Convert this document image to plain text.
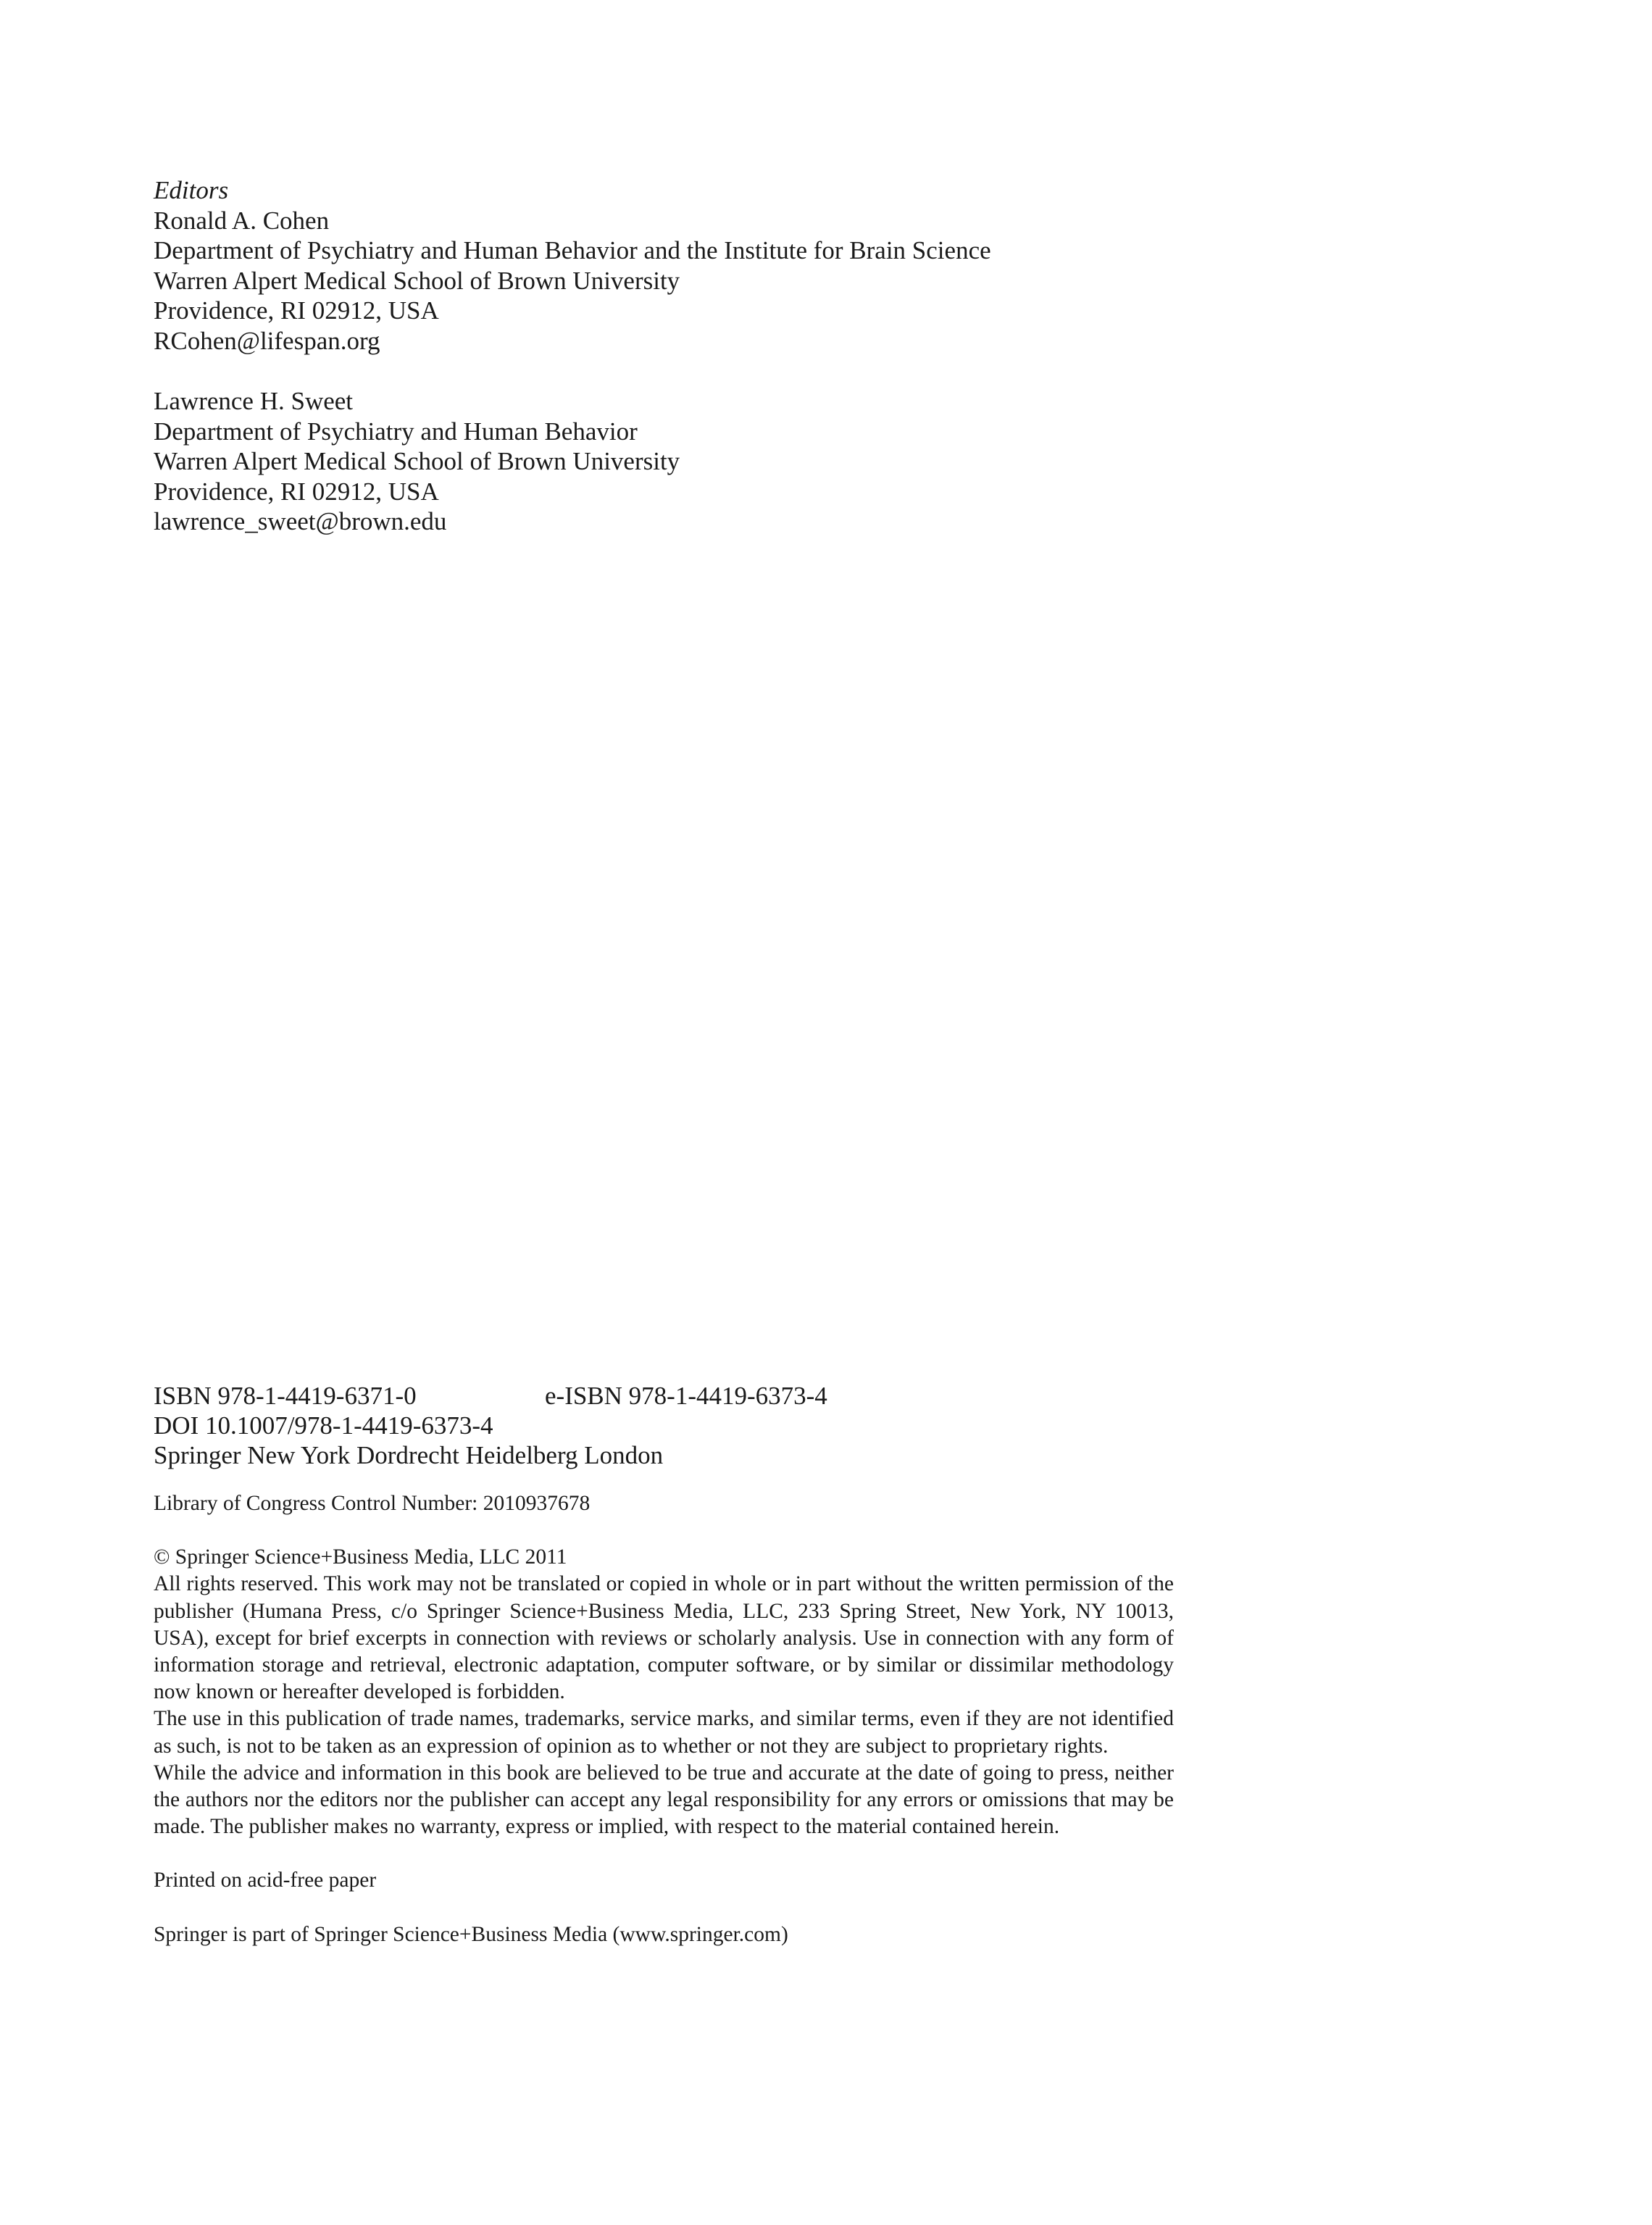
Editors
Ronald A. Cohen
Department of Psychiatry and Human Behavior and the Institute for Brain Science
Warren Alpert Medical School of Brown University
Providence, RI 02912, USA
RCohen@lifespan.org
Lawrence H. Sweet
Department of Psychiatry and Human Behavior
Warren Alpert Medical School of Brown University
Providence, RI 02912, USA
lawrence_sweet@brown.edu
ISBN 978-1-4419-6371-0	e-ISBN 978-1-4419-6373-4
DOI 10.1007/978-1-4419-6373-4
Springer New York Dordrecht Heidelberg London
Library of Congress Control Number: 2010937678
© Springer Science+Business Media, LLC 2011
All rights reserved. This work may not be translated or copied in whole or in part without the written permission of the publisher (Humana Press, c/o Springer Science+Business Media, LLC, 233 Spring Street, New York, NY 10013, USA), except for brief excerpts in connection with reviews or scholarly analysis. Use in connection with any form of information storage and retrieval, electronic adaptation, computer software, or by similar or dissimilar methodology now known or hereafter developed is forbidden.
The use in this publication of trade names, trademarks, service marks, and similar terms, even if they are not identified as such, is not to be taken as an expression of opinion as to whether or not they are subject to proprietary rights.
While the advice and information in this book are believed to be true and accurate at the date of going to press, neither the authors nor the editors nor the publisher can accept any legal responsibility for any errors or omissions that may be made. The publisher makes no warranty, express or implied, with respect to the material contained herein.
Printed on acid-free paper
Springer is part of Springer Science+Business Media (www.springer.com)
